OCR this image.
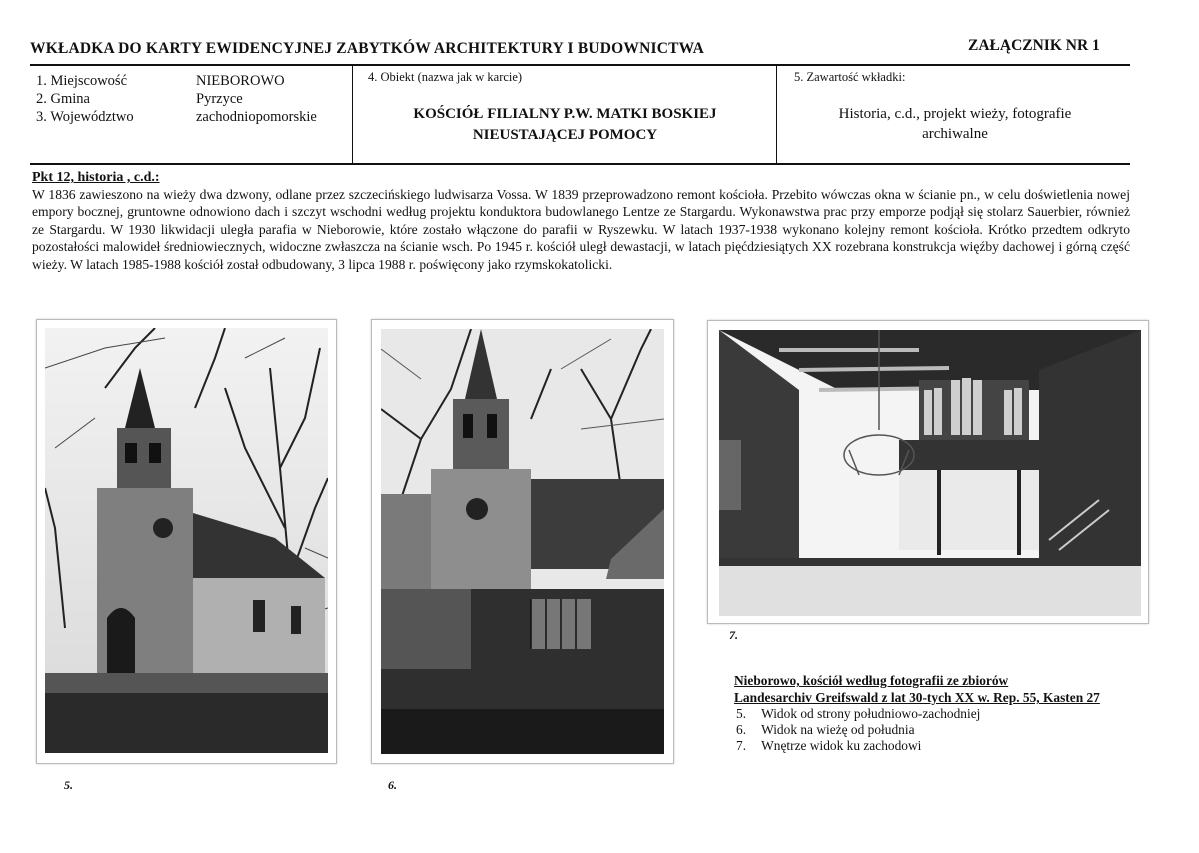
WKŁADKA DO KARTY EWIDENCYJNEJ ZABYTKÓW ARCHITEKTURY I BUDOWNICTWA	ZAŁĄCZNIK NR 1
1. Miejscowość
2. Gmina
3. Województwo
NIEBOROWO
Pyrzyce
zachodniopomorskie
4. Obiekt (nazwa jak w karcie)
KOŚCIÓŁ FILIALNY P.W. MATKI BOSKIEJ
NIEUSTAJĄCEJ POMOCY
5. Zawartość wkładki:
Historia, c.d., projekt wieży, fotografie
archiwalne
Pkt 12, historia , c.d.:
W 1836 zawieszono na wieży dwa dzwony, odlane przez szczecińskiego ludwisarza Vossa. W 1839 przeprowadzono remont kościoła. Przebito wówczas okna w ścianie pn., w celu doświetlenia nowej empory bocznej, gruntowne odnowiono dach i szczyt wschodni według projektu konduktora budowlanego Lentze ze Stargardu. Wykonawstwa prac przy emporze podjął się stolarz Sauerbier, również ze Stargardu. W 1930 likwidacji uległa parafia w Nieborowie, które zostało włączone do parafii w Ryszewku. W latach 1937-1938 wykonano kolejny remont kościoła. Krótko przedtem odkryto pozostałości malowideł średniowiecznych, widoczne zwłaszcza na ścianie wsch. Po 1945 r. kościół uległ dewastacji, w latach pięćdziesiątych XX rozebrana konstrukcja więźby dachowej i górną część wieży. W latach 1985-1988 kościół został odbudowany, 3 lipca 1988 r. poświęcony jako rzymskokatolicki.
5.	6.
7.
Nieborowo, kościół według fotografii ze zbiorów
Landesarchiv Greifswald z lat 30-tych XX w. Rep. 55, Kasten 27
5. Widok od strony południowo-zachodniej
6. Widok na wieżę od południa
7. Wnętrze widok ku zachodowi
